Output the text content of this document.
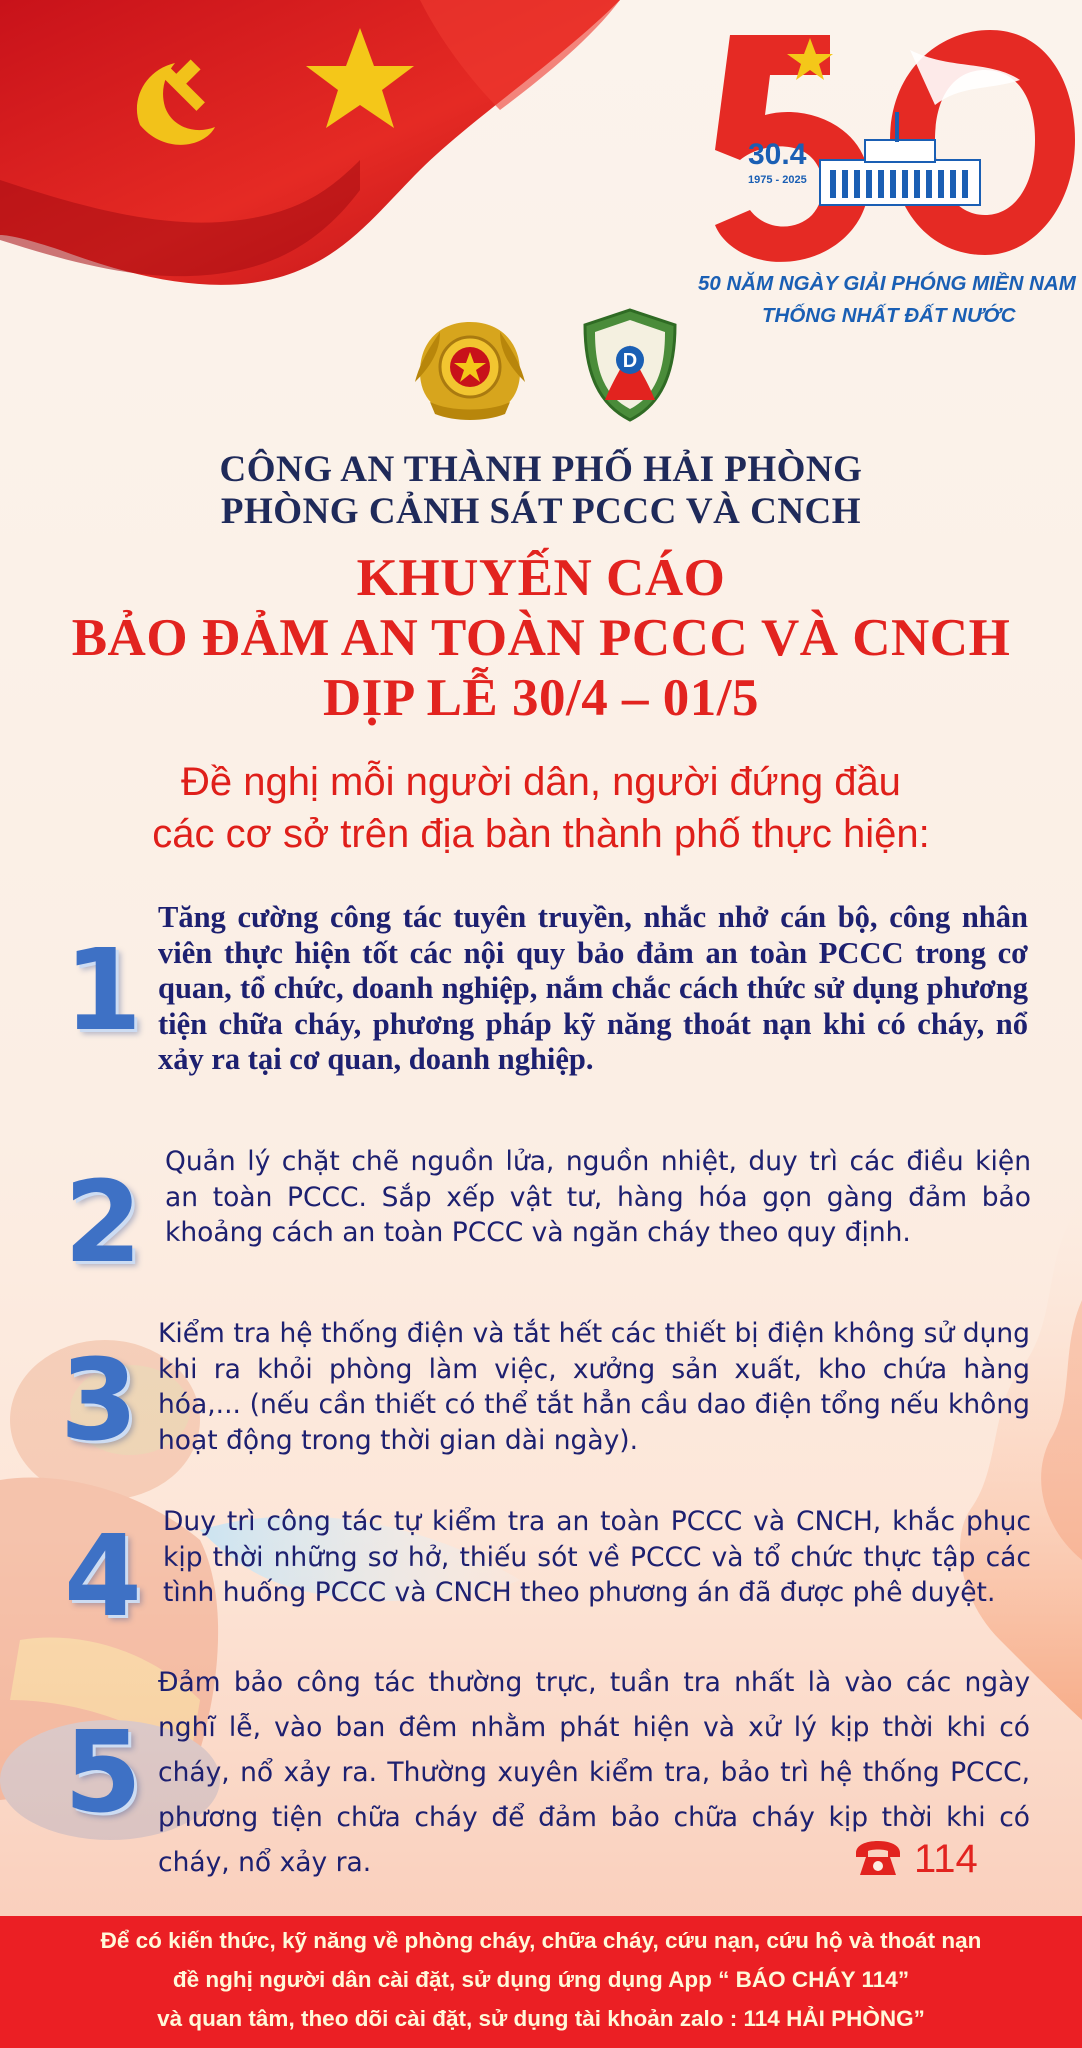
30.4
1975 - 2025
50 NĂM NGÀY GIẢI PHÓNG MIỀN NAM
THỐNG NHẤT ĐẤT NƯỚC
D
CÔNG AN THÀNH PHỐ HẢI PHÒNG
PHÒNG CẢNH SÁT PCCC VÀ CNCH
KHUYẾN CÁO
BẢO ĐẢM AN TOÀN PCCC VÀ CNCH
DỊP LỄ 30/4 – 01/5
Đề nghị mỗi người dân, người đứng đầu
các cơ sở trên địa bàn thành phố thực hiện:
1
Tăng cường công tác tuyên truyền, nhắc nhở cán bộ, công nhân viên thực hiện tốt các nội quy bảo đảm an toàn PCCC trong cơ quan, tổ chức, doanh nghiệp, nắm chắc cách thức sử dụng phương tiện chữa cháy, phương pháp kỹ năng thoát nạn khi có cháy, nổ xảy ra tại cơ quan, doanh nghiệp.
2 Quản lý chặt chẽ nguồn lửa, nguồn nhiệt, duy trì các điều kiện an toàn PCCC. Sắp xếp vật tư, hàng hóa gọn gàng đảm bảo khoảng cách an toàn PCCC và ngăn cháy theo quy định.
3
Kiểm tra hệ thống điện và tắt hết các thiết bị điện không sử dụng khi ra khỏi phòng làm việc, xưởng sản xuất, kho chứa hàng hóa,... (nếu cần thiết có thể tắt hẳn cầu dao điện tổng nếu không hoạt động trong thời gian dài ngày).
4 Duy trì công tác tự kiểm tra an toàn PCCC và CNCH, khắc phục kịp thời những sơ hở, thiếu sót về PCCC và tổ chức thực tập các tình huống PCCC và CNCH theo phương án đã được phê duyệt.
5
Đảm bảo công tác thường trực, tuần tra nhất là vào các ngày nghĩ lễ, vào ban đêm nhằm phát hiện và xử lý kịp thời khi có cháy, nổ xảy ra. Thường xuyên kiểm tra, bảo trì hệ thống PCCC, phương tiện chữa cháy để đảm bảo chữa cháy kịp thời khi có cháy, nổ xảy ra.	114
Để có kiến thức, kỹ năng về phòng cháy, chữa cháy, cứu nạn, cứu hộ và thoát nạn
đề nghị người dân cài đặt, sử dụng ứng dụng App “ BÁO CHÁY 114”
và quan tâm, theo dõi cài đặt, sử dụng tài khoản zalo : 114 HẢI PHÒNG”
